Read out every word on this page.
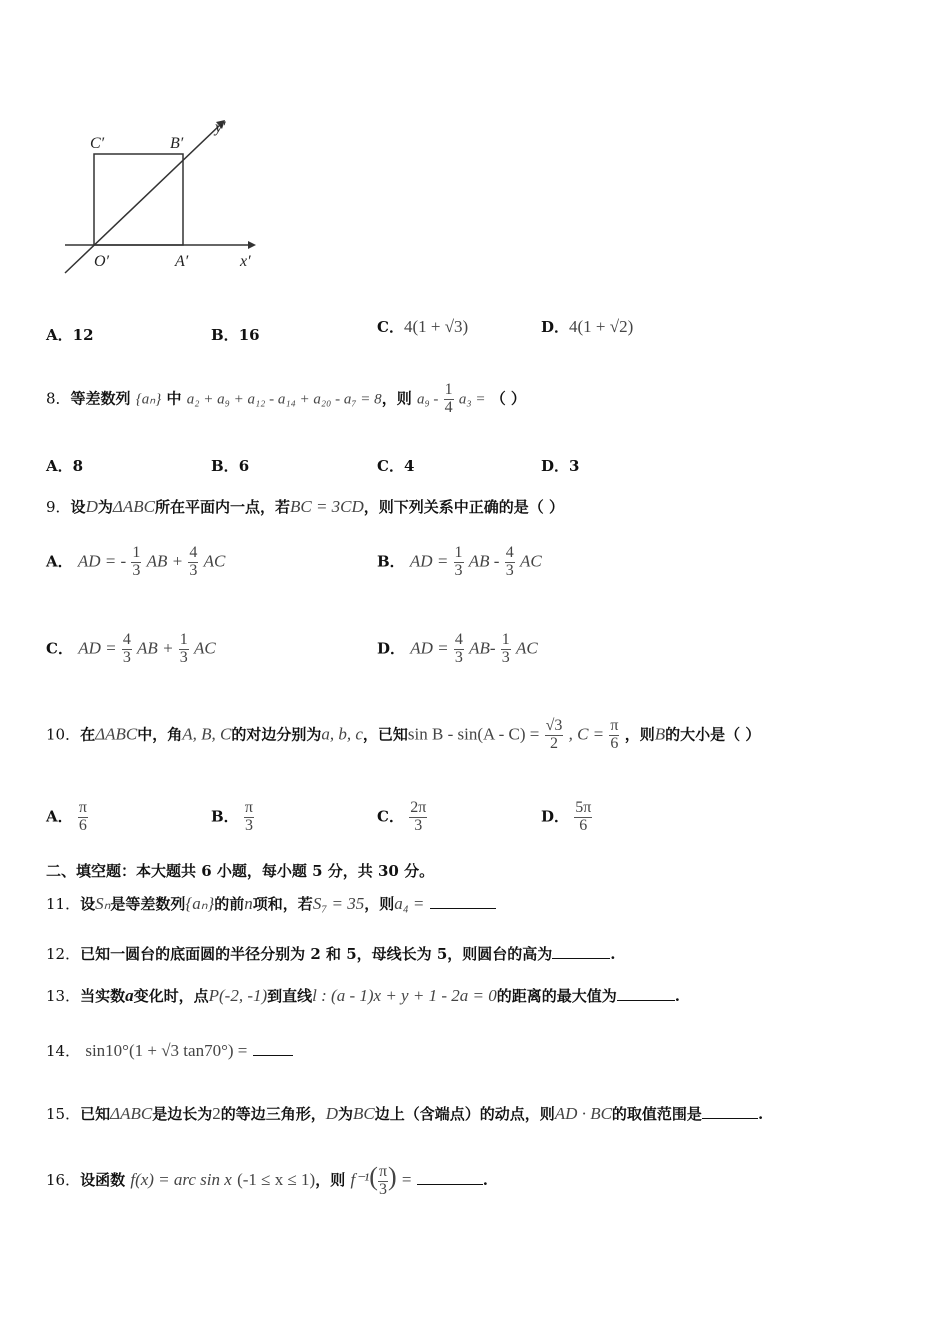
C′	B′
y′
O′	A′	x′
A．12	B．16	C．4(1 + √3)	D．4(1 + √2)
8．等差数列 {aₙ} 中 a₂ + a₉ + a₁₂ - a₁₄ + a₂₀ - a₇ = 8，则 $a_9 - \frac{1}{4} a_3$ = （ ）
A．8	B．6	C．4	D．3
9．设D为ΔABC所在平面内一点，若BC = 3CD，则下列关系中正确的是（ ）
A． AD = - $\frac{1}{3}$ AB + $\frac{4}{3}$ AC	B． AD = $\frac{1}{3}$ AB - $\frac{4}{3}$ AC
C． AD = $\frac{4}{3}$ AB + $\frac{1}{3}$ AC	D． AD = $\frac{4}{3} AB- \frac{1}{3}$ AC
10．在ΔABC中，角A, B, C的对边分别为a, b, c，已知$\sin B - \sin(A - C) = \frac{√3}{2}$ , $C = \frac{\pi}{6}$ ，则B的大小是（ ）
A． $\frac{\pi}{6}$	B． $\frac{\pi}{3}$	C． $\frac{2\pi}{3}$	D． $\frac{5\pi}{6}$
二、填空题：本大题共 6 小题，每小题 5 分，共 30 分。
11．设Sₙ是等差数列{aₙ}的前n项和，若S₇ = 35，则a₄ =
12．已知一圆台的底面圆的半径分别为 2 和 5，母线长为 5，则圆台的高为	.
13．当实数a变化时，点P(-2, -1)到直线l : (a - 1)x + y + 1 - 2a = 0的距离的最大值为	.
14． sin10°(1 + √3 tan70°) =
15．已知ΔABC是边长为2的等边三角形，D为BC边上（含端点）的动点，则AD · BC的取值范围是	.
16．设函数 f(x) = arc sin x (-1 ≤ x ≤ 1)，则 $f^{-1}( \frac{\pi}{3}$ ) =	.
